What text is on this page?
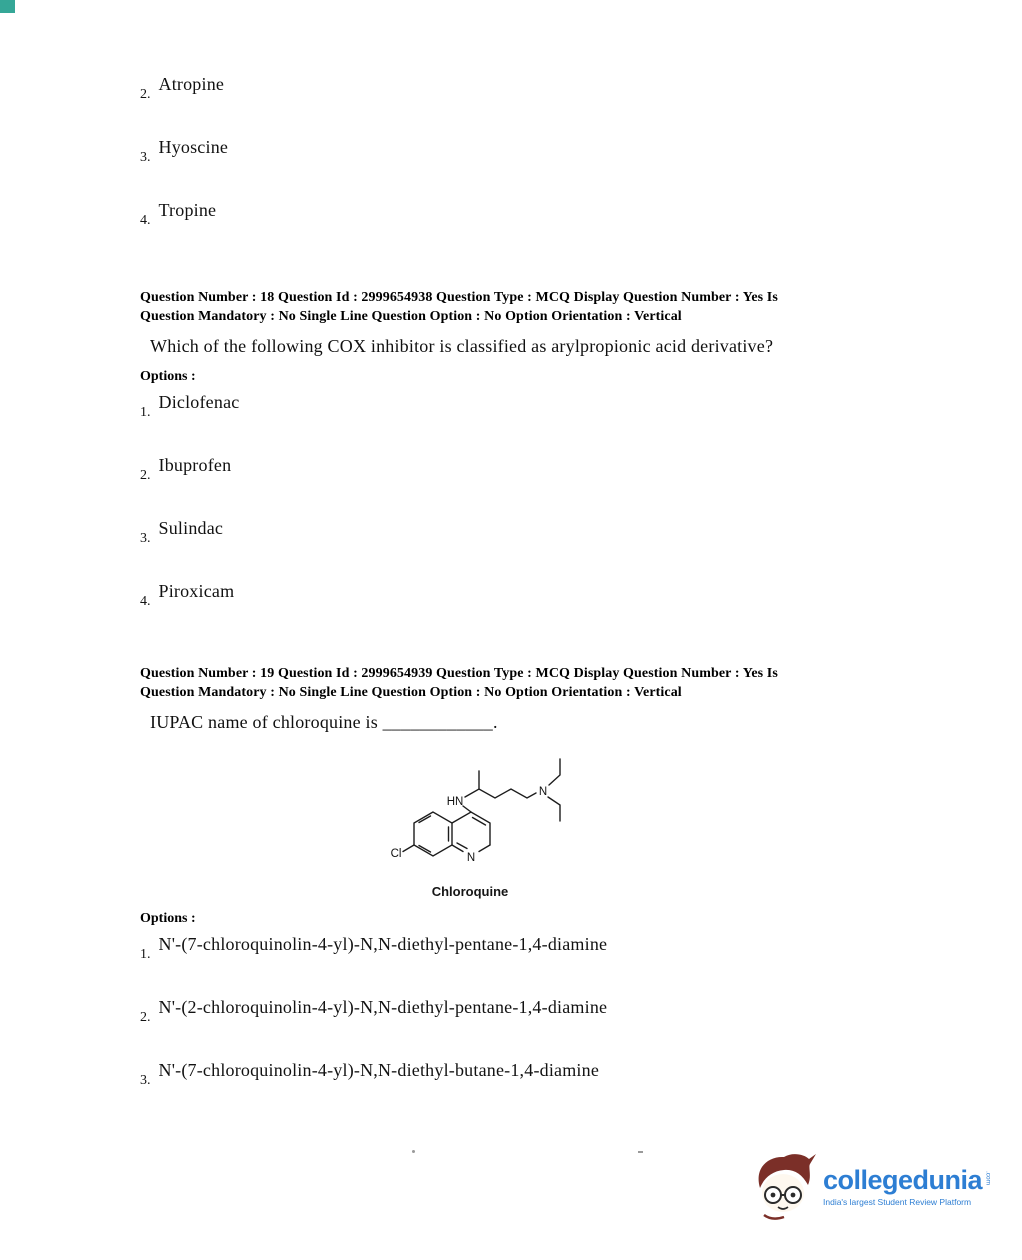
2.
Atropine
3.
Hyoscine
4.
Tropine

Question Number : 18 Question Id : 2999654938 Question Type : MCQ Display Question Number : Yes Is
Question Mandatory : No Single Line Question Option : No Option Orientation : Vertical

Which of the following COX inhibitor is classified as arylpropionic acid derivative?

Options :

1.
Diclofenac
2.
Ibuprofen
3.
Sulindac
4.
Piroxicam

Question Number : 19 Question Id : 2999654939 Question Type : MCQ Display Question Number : Yes Is
Question Mandatory : No Single Line Question Option : No Option Orientation : Vertical

IUPAC name of chloroquine is ____________.

HN
Cl	N
N
Chloroquine

Options :

1.
N'-(7-chloroquinolin-4-yl)-N,N-diethyl-pentane-1,4-diamine
2.
N'-(2-chloroquinolin-4-yl)-N,N-diethyl-pentane-1,4-diamine
3.
N'-(7-chloroquinolin-4-yl)-N,N-diethyl-butane-1,4-diamine
collegedunia .com
India's largest Student Review Platform
